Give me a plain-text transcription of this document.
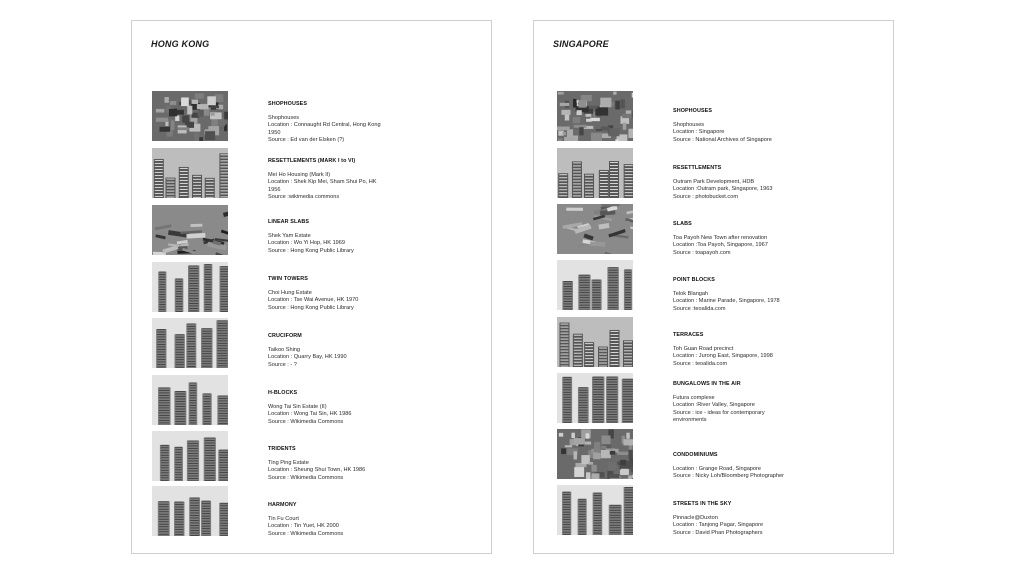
HONG KONG
SHOPHOUSES
Shophouses
Location : Connaught Rd Central, Hong Kong 1950
Source : Ed van der Elsken (?)
RESETTLEMENTS (MARK I to VI)
Mei Ho Housing (Mark II)
Location : Shek Kip Mei, Sham Shui Po, HK 1956
Source :wikimedia commons
LINEAR SLABS
Shek Yam Estate
Location : Wo Yi Hop, HK 1969
Source : Hong Kong Public Library
TWIN TOWERS
Choi Hung Estate
Location : Tse Wai Avenue, HK 1970
Source : Hong Kong Public Library
CRUCIFORM
Taikoo Shing
Location : Quarry Bay, HK 1990
Source : - ?
H-BLOCKS
Wong Tai Sin Estate (II)
Location : Wong Tai Sin, HK 1986
Source : Wikimedia Commons
TRIDENTS
Ting Ping Estate
Location : Sheung Shui Town, HK 1986
Source : Wikimedia Commons
HARMONY
Tin Fu Court
Location : Tin Yuet, HK 2000
Source : Wikimedia Commons
SINGAPORE
SHOPHOUSES
Shophouses
Location : Singapore
Source : National Archives of Singapore
RESETTLEMENTS
Outram Park Development, HDB
Location :Outram park, Singapore, 1963
Source : photobucket.com
SLABS
Toa Payoh New Town after renovation
Location :Toa Payoh, Singapore, 1967
Source : toapayoh.com
POINT BLOCKS
Telok Blangah
Location : Marine Parade, Singapore, 1978
Source :teoalida.com
TERRACES
Toh Guan Road precinct
Location : Jurong East, Singapore, 1998
Source : teoalida.com
BUNGALOWS IN THE AIR
Futura complexe
Location :River Valley, Singapore
Source : ice - ideas for contemporary environments
CONDOMINIUMS
Location : Grange Road, Singapore
Source : Nicky Loh/Bloomberg Photographer
STREETS IN THE SKY
Pinnacle@Duxton
Location : Tanjong Pagar, Singapore
Source : David Phan Photographers
